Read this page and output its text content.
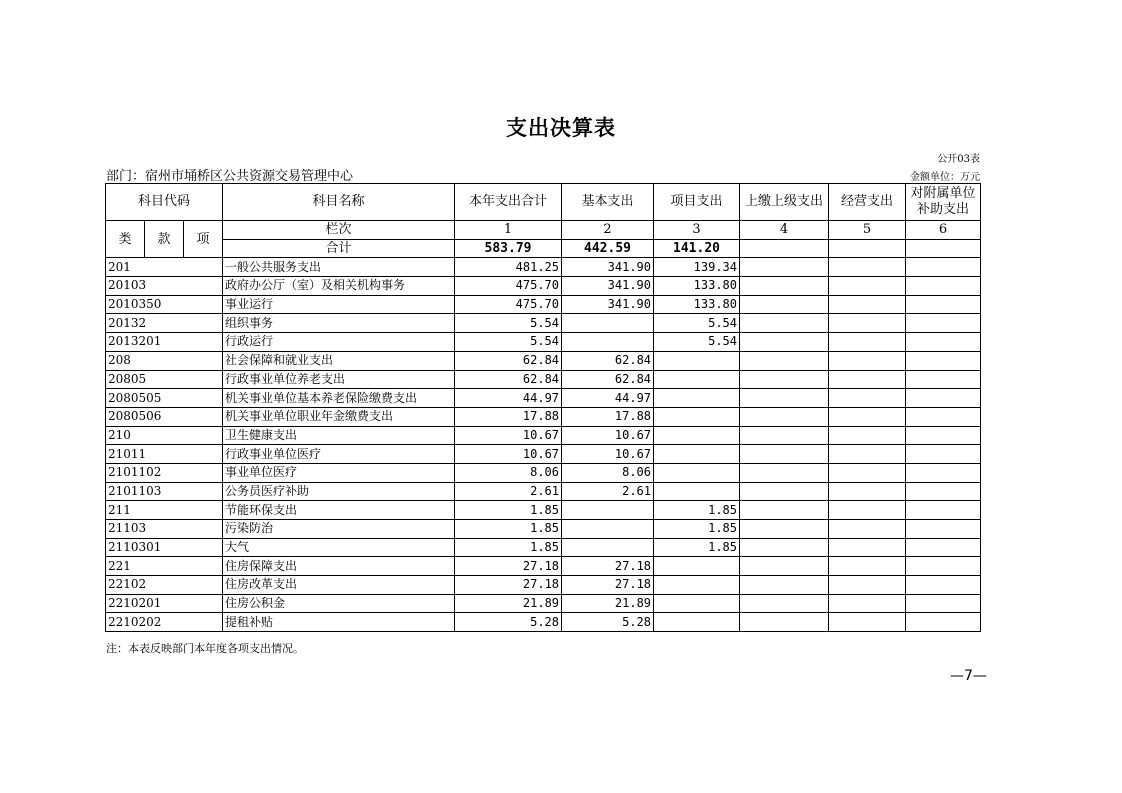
支出决算表
公开03表
金额单位：万元
部门：宿州市埇桥区公共资源交易管理中心
科目代码			科目名称	本年支出合计	基本支出	项目支出	上缴上级支出	经营支出	对附属单位
补助支出
类	款	项	栏次	1	2	3	4	5	6
			合计	583.79	442.59	141.20			
201			一般公共服务支出	481.25	341.90	139.34			
20103			政府办公厅（室）及相关机构事务	475.70	341.90	133.80			
2010350			事业运行	475.70	341.90	133.80			
20132			组织事务	5.54		5.54			
2013201			行政运行	5.54		5.54			
208			社会保障和就业支出	62.84	62.84				
20805			行政事业单位养老支出	62.84	62.84				
2080505			机关事业单位基本养老保险缴费支出	44.97	44.97				
2080506			机关事业单位职业年金缴费支出	17.88	17.88				
210			卫生健康支出	10.67	10.67				
21011			行政事业单位医疗	10.67	10.67				
2101102			事业单位医疗	8.06	8.06				
2101103			公务员医疗补助	2.61	2.61				
211			节能环保支出	1.85		1.85			
21103			污染防治	1.85		1.85			
2110301			大气	1.85		1.85			
221			住房保障支出	27.18	27.18				
22102			住房改革支出	27.18	27.18				
2210201			住房公积金	21.89	21.89				
2210202			提租补贴	5.28	5.28				
注：本表反映部门本年度各项支出情况。
—7—
